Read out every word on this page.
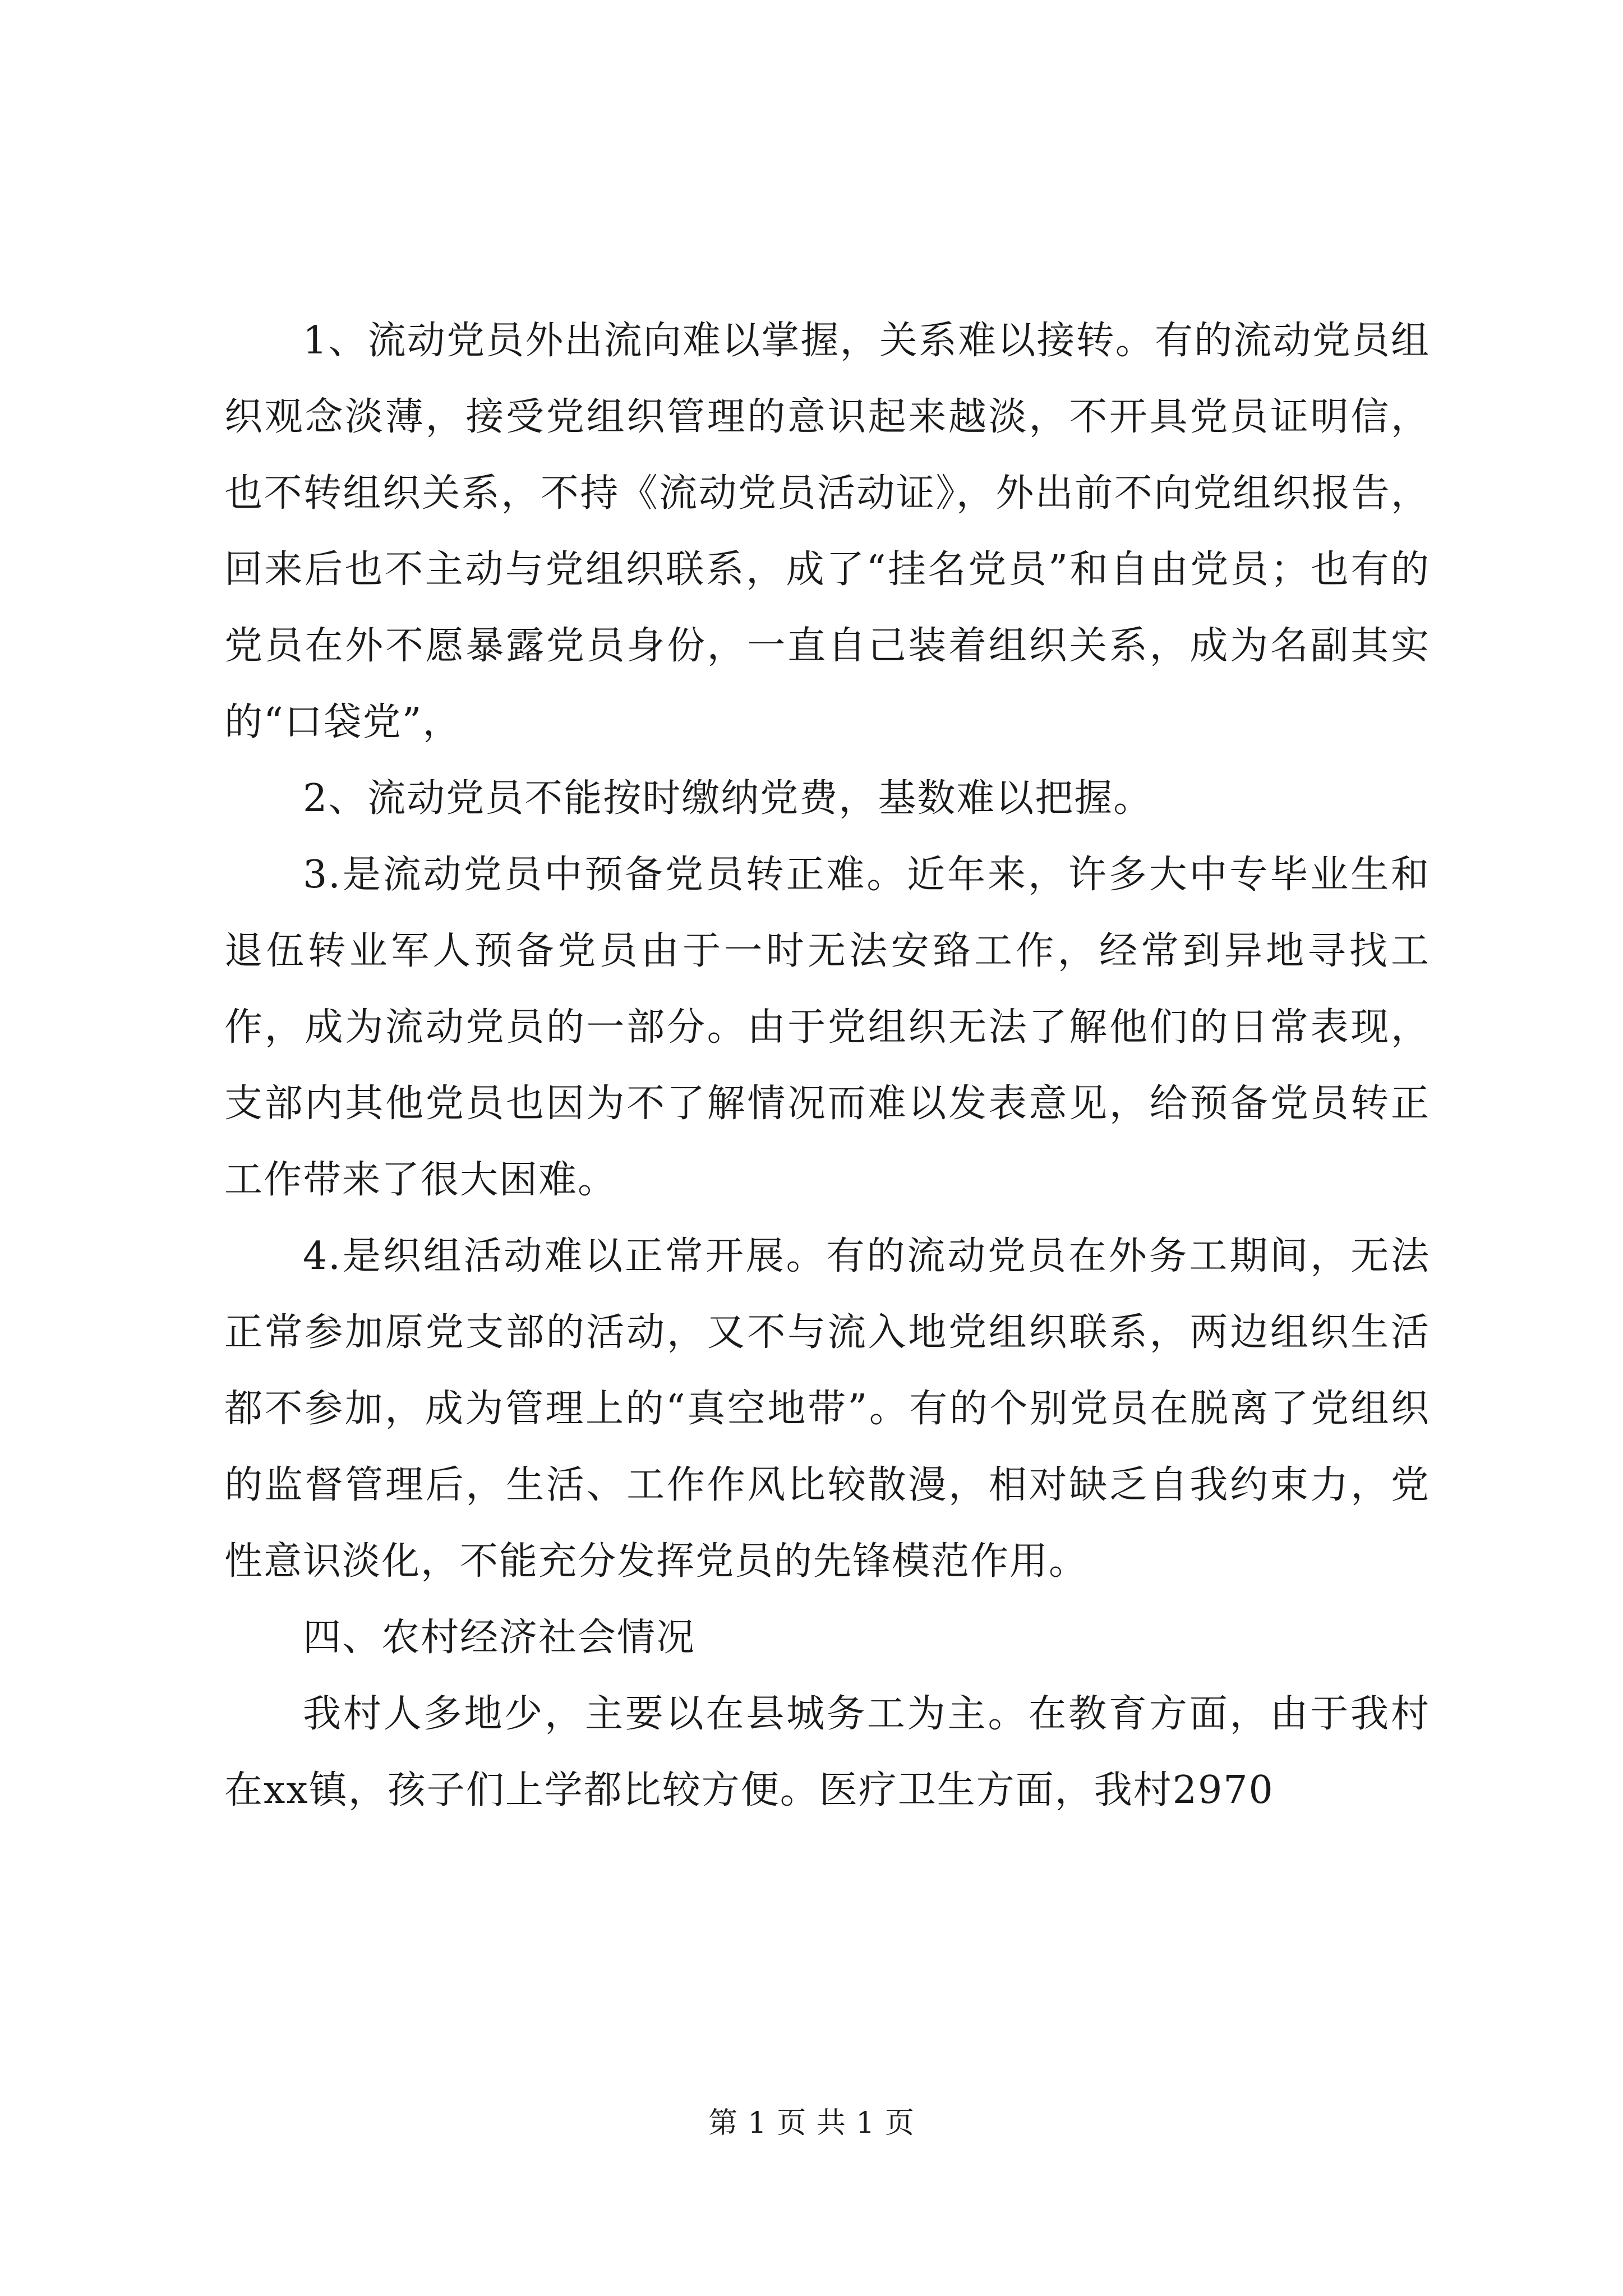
1、流动党员外出流向难以掌握，关系难以接转。有的流动党员组织观念淡薄，接受党组织管理的意识起来越淡，不开具党员证明信，也不转组织关系，不持《流动党员活动证》，外出前不向党组织报告，回来后也不主动与党组织联系，成了“挂名党员”和自由党员；也有的党员在外不愿暴露党员身份，一直自己装着组织关系，成为名副其实的“口袋党”，

2、流动党员不能按时缴纳党费，基数难以把握。

3.是流动党员中预备党员转正难。近年来，许多大中专毕业生和退伍转业军人预备党员由于一时无法安臵工作，经常到异地寻找工作，成为流动党员的一部分。由于党组织无法了解他们的日常表现，支部内其他党员也因为不了解情况而难以发表意见，给预备党员转正工作带来了很大困难。

4.是织组活动难以正常开展。有的流动党员在外务工期间，无法正常参加原党支部的活动，又不与流入地党组织联系，两边组织生活都不参加，成为管理上的“真空地带”。有的个别党员在脱离了党组织的监督管理后，生活、工作作风比较散漫，相对缺乏自我约束力，党性意识淡化，不能充分发挥党员的先锋模范作用。

四、农村经济社会情况

我村人多地少，主要以在县城务工为主。在教育方面，由于我村在xx镇，孩子们上学都比较方便。医疗卫生方面，我村2970

第 1 页 共 1 页
